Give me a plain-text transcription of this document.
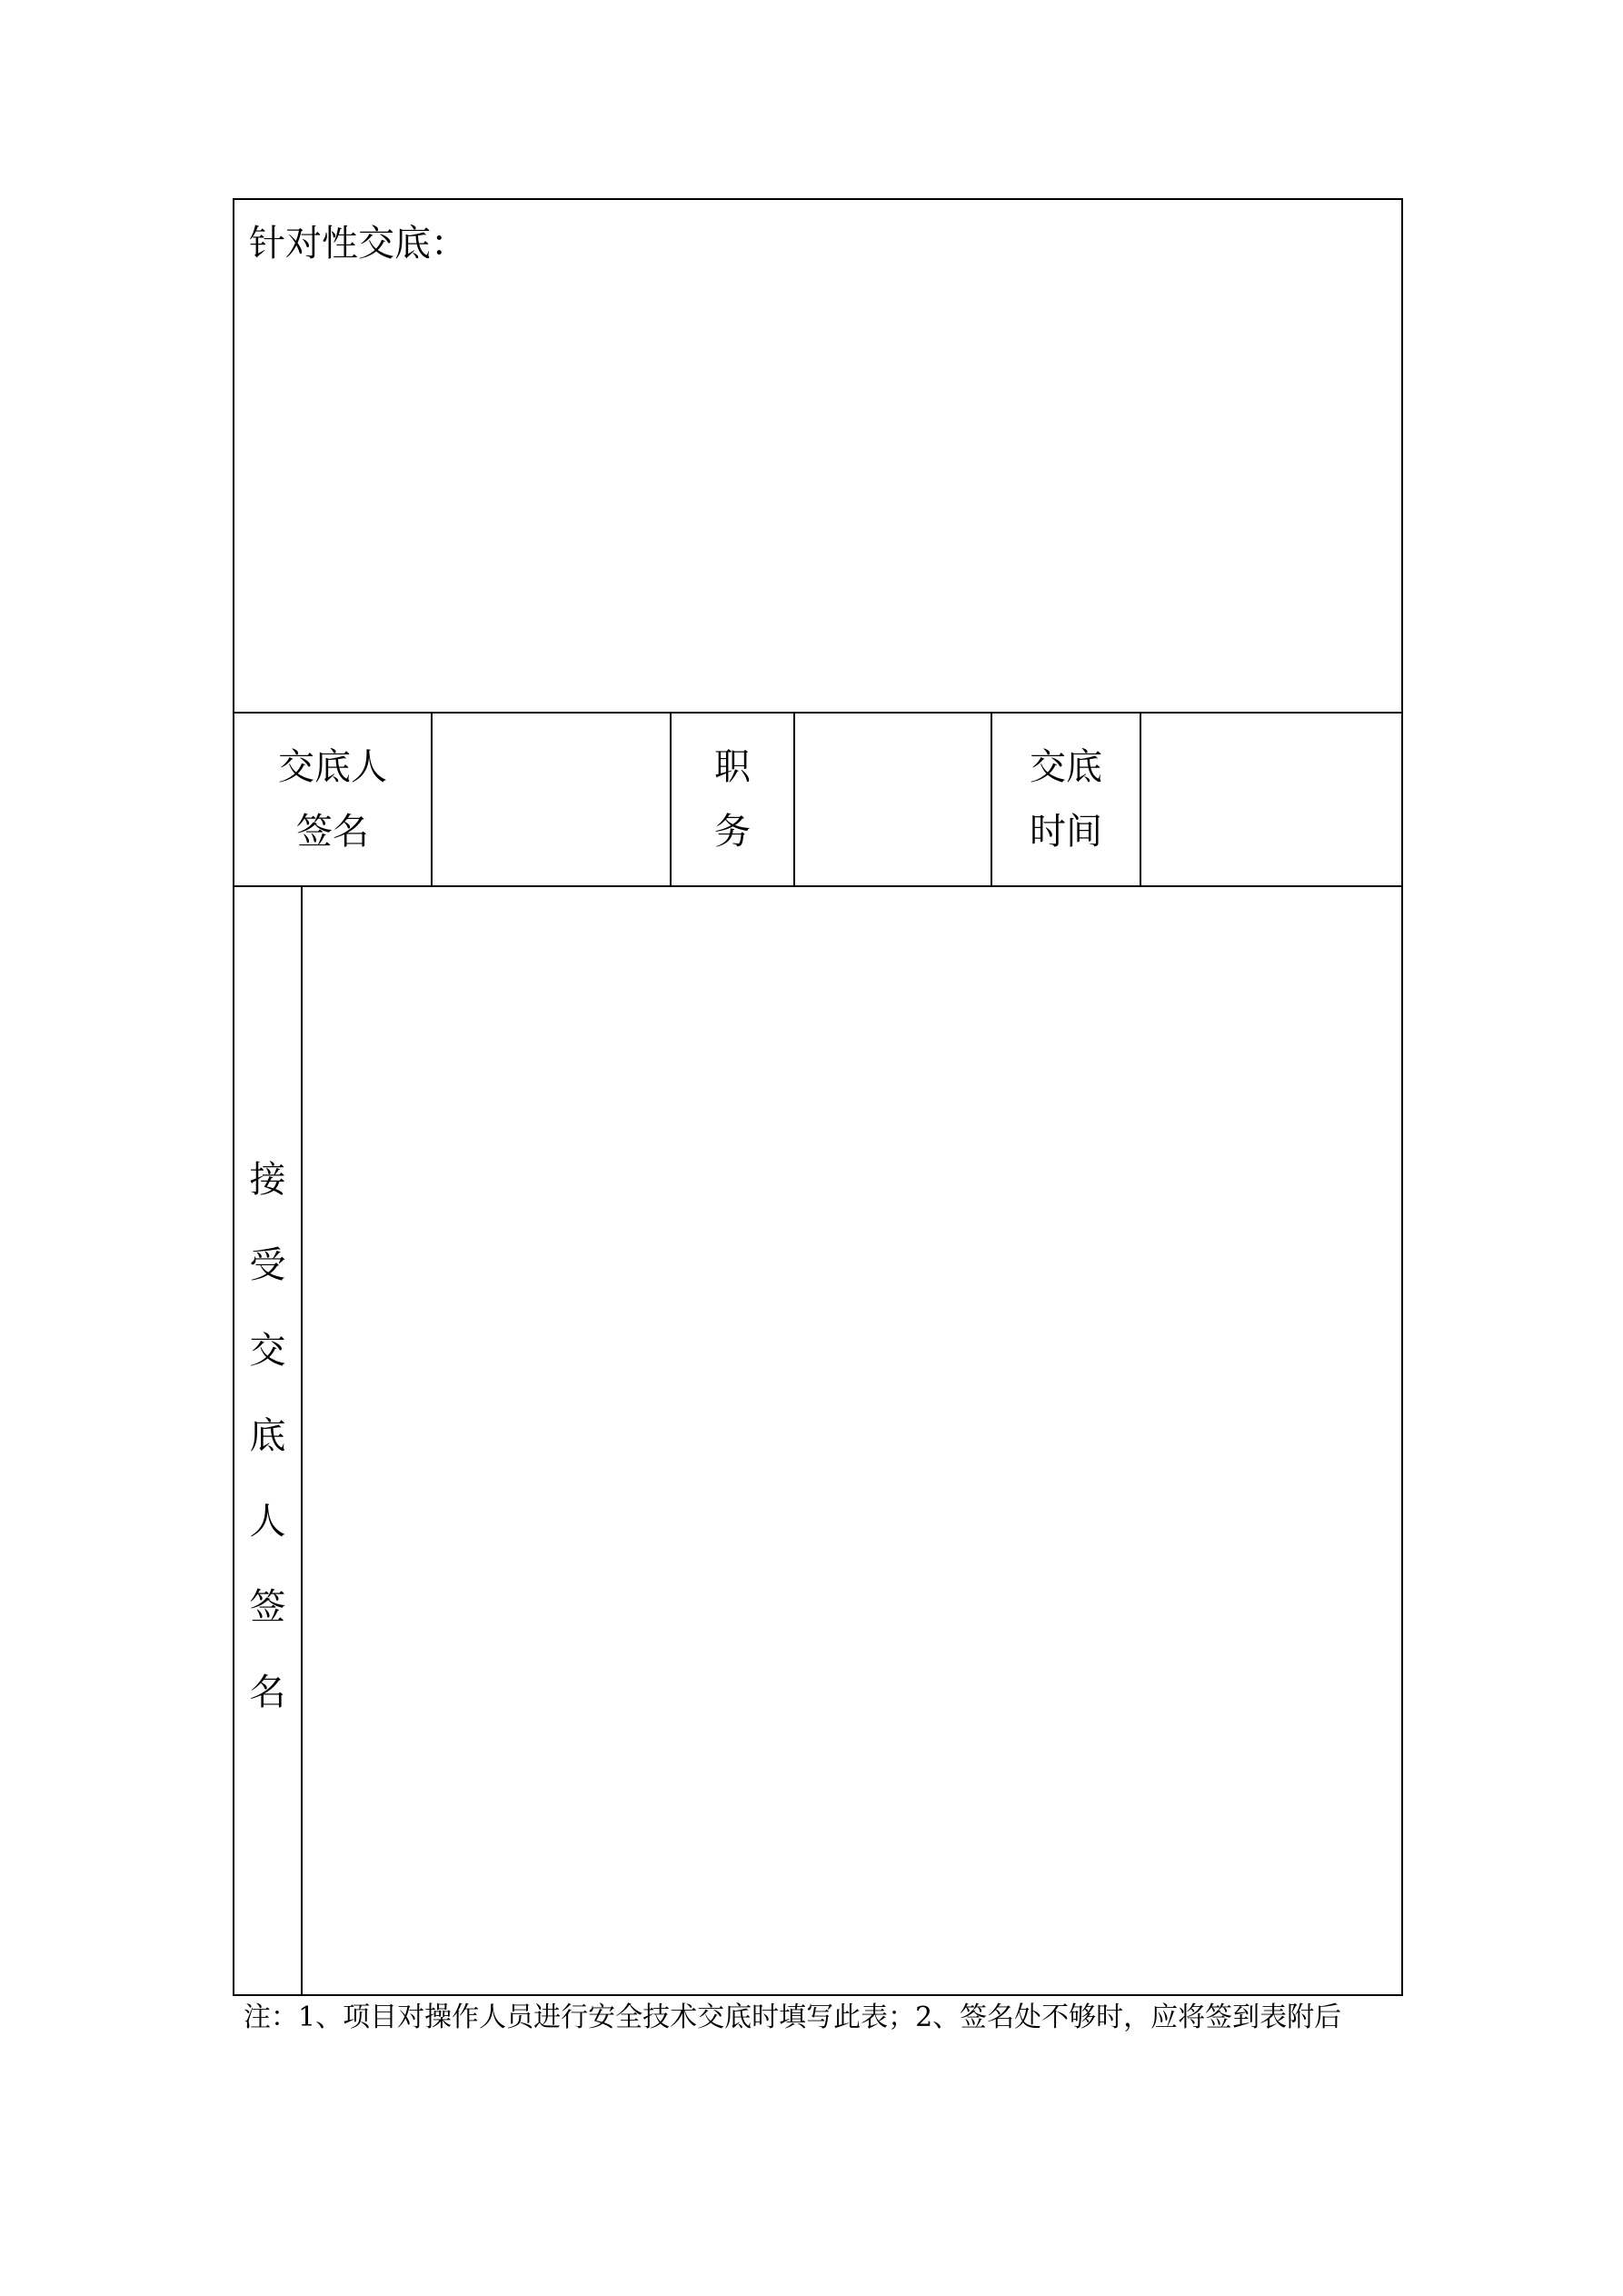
针对性交底：
交底人
签名
职
务
交底
时间
接
受
交
底
人
签
名
注：1、项目对操作人员进行安全技术交底时填写此表；2、签名处不够时，应将签到表附后
